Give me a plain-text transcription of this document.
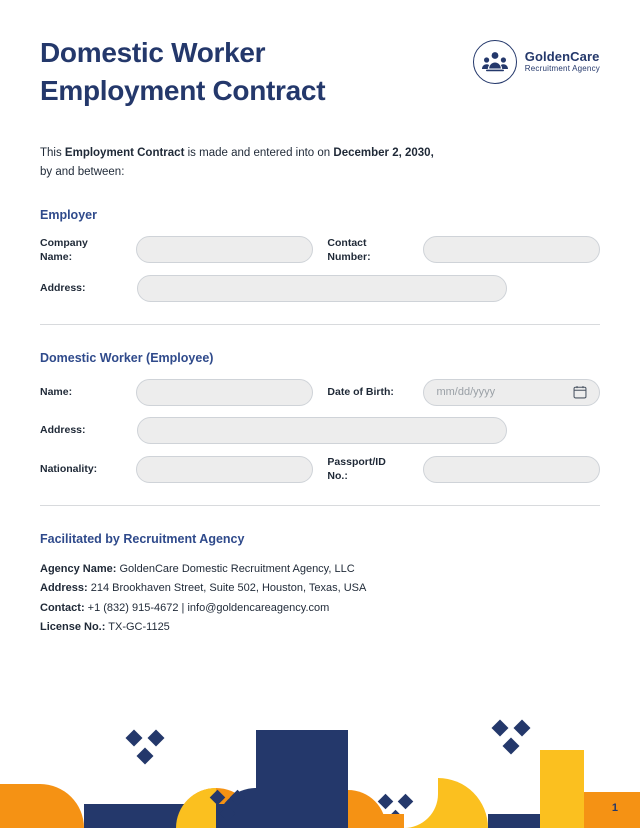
Domestic Worker
Employment Contract
GoldenCare
Recruitment Agency
This Employment Contract is made and entered into on December 2, 2030,
by and between:
Employer
Company
Name:
Contact
Number:
Address:
Domestic Worker (Employee)
Name:	Date of Birth:	mm/dd/yyyy
Address:
Nationality:
Passport/ID
No.:
Facilitated by Recruitment Agency
Agency Name: GoldenCare Domestic Recruitment Agency, LLC
Address: 214 Brookhaven Street, Suite 502, Houston, Texas, USA
Contact: +1 (832) 915-4672 | info@goldencareagency.com
License No.: TX-GC-1125
1
